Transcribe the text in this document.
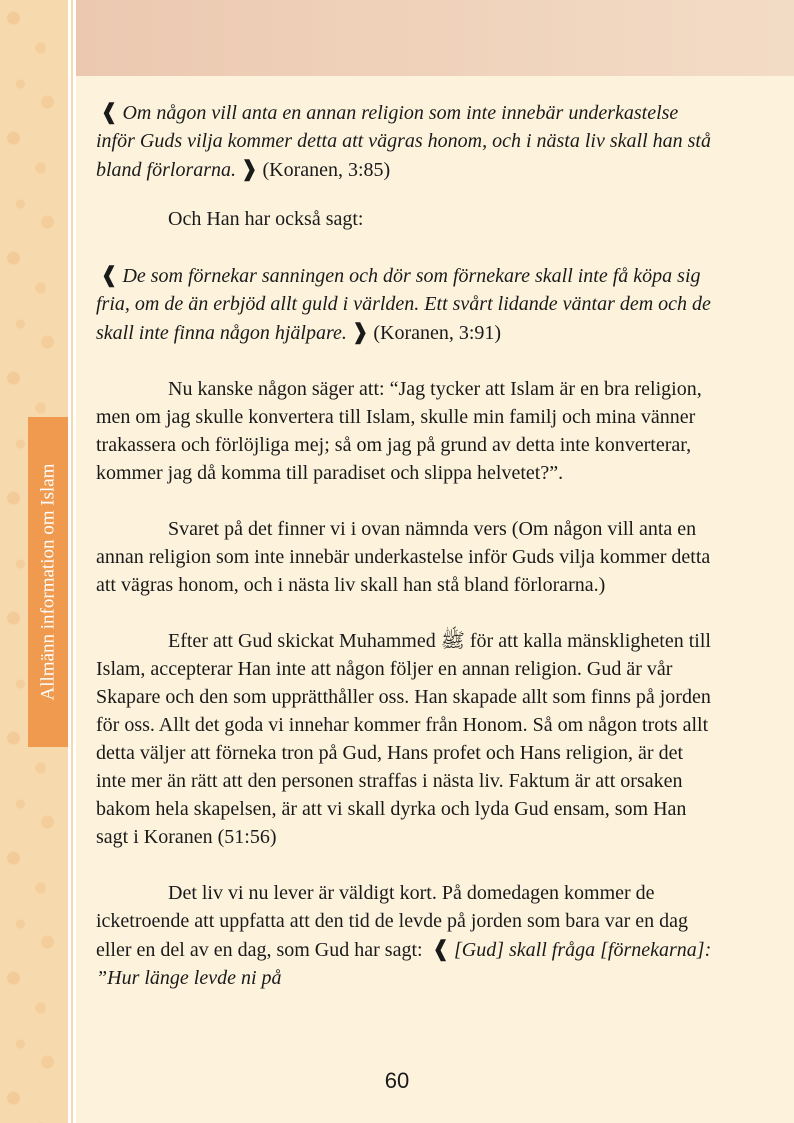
Allmänn information om Islam

❰ Om någon vill anta en annan religion som inte innebär underkastelse inför Guds vilja kommer detta att vägras honom, och i nästa liv skall han stå bland förlorarna. ❱ (Koranen, 3:85)

Och Han har också sagt:

❰ De som förnekar sanningen och dör som förnekare skall inte få köpa sig fria, om de än erbjöd allt guld i världen. Ett svårt lidande väntar dem och de skall inte finna någon hjälpare. ❱ (Koranen, 3:91)

Nu kanske någon säger att: “Jag tycker att Islam är en bra religion, men om jag skulle konvertera till Islam, skulle min familj och mina vänner trakassera och förlöjliga mej; så om jag på grund av detta inte konverterar, kommer jag då komma till paradiset och slippa helvetet?”.

Svaret på det finner vi i ovan nämnda vers (Om någon vill anta en annan religion som inte innebär underkastelse inför Guds vilja kommer detta att vägras honom, och i nästa liv skall han stå bland förlorarna.)

Efter att Gud skickat Muhammed ﷺ för att kalla mänskligheten till Islam, accepterar Han inte att någon följer en annan religion. Gud är vår Skapare och den som upprätthåller oss. Han skapade allt som finns på jorden för oss. Allt det goda vi innehar kommer från Honom. Så om någon trots allt detta väljer att förneka tron på Gud, Hans profet och Hans religion, är det inte mer än rätt att den personen straffas i nästa liv. Faktum är att orsaken bakom hela skapelsen, är att vi skall dyrka och lyda Gud ensam, som Han sagt i Koranen (51:56)

Det liv vi nu lever är väldigt kort. På domedagen kommer de icketroende att uppfatta att den tid de levde på jorden som bara var en dag eller en del av en dag, som Gud har sagt: ❰ [Gud] skall fråga [förnekarna]: ”Hur länge levde ni på

60
